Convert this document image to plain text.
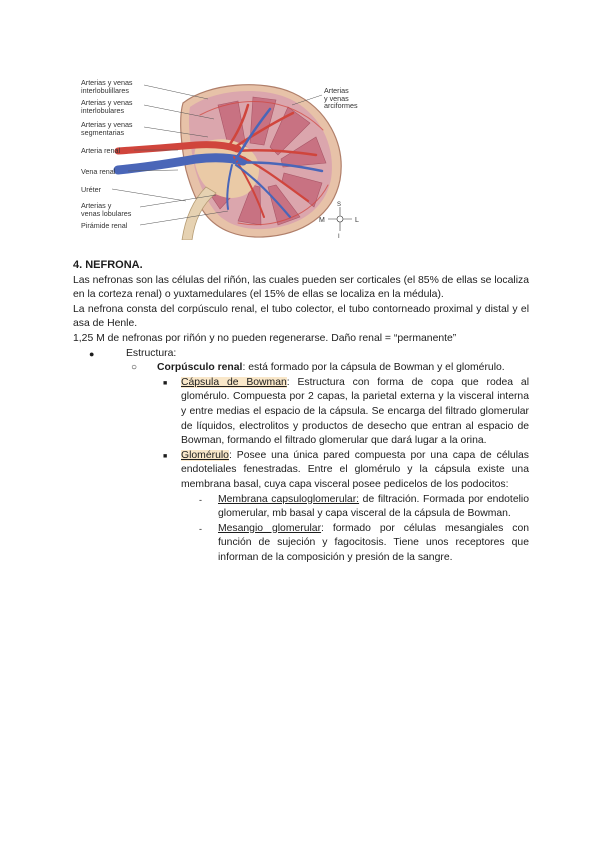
M	L
S
I
Arterias y venas
interlobulillares
Arterias y venas
interlobulares
Arterias y venas
segmentarias
Arteria renal
Vena renal
Uréter
Arterias y
venas lobulares
Pirámide renal
Arterias
y venas
arciformes

4. NEFRONA.

Las nefronas son las células del riñón, las cuales pueden ser corticales (el 85% de ellas se localiza en la corteza renal) o yuxtamedulares (el 15% de ellas se localiza en la médula).

La nefrona consta del corpúsculo renal, el tubo colector, el tubo contorneado proximal y distal y el asa de Henle.

1,25 M de nefronas por riñón y no pueden regenerarse. Daño renal = “permanente”

●	Estructura:

○ Corpúsculo renal: está formado por la cápsula de Bowman y el glomérulo.

■ Cápsula de Bowman: Estructura con forma de copa que rodea al glomérulo. Compuesta por 2 capas, la parietal externa y la visceral interna y entre medias el espacio de la cápsula. Se encarga del filtrado glomerular de líquidos, electrolitos y productos de desecho que entran al espacio de Bowman, formando el filtrado glomerular que dará lugar a la orina.

■ Glomérulo: Posee una única pared compuesta por una capa de células endoteliales fenestradas. Entre el glomérulo y la cápsula existe una membrana basal, cuya capa visceral posee pedicelos de los podocitos:

- Membrana capsuloglomerular: de filtración. Formada por endotelio glomerular, mb basal y capa visceral de la cápsula de Bowman.

- Mesangio glomerular: formado por células mesangiales con función de sujeción y fagocitosis. Tiene unos receptores que informan de la composición y presión de la sangre.
